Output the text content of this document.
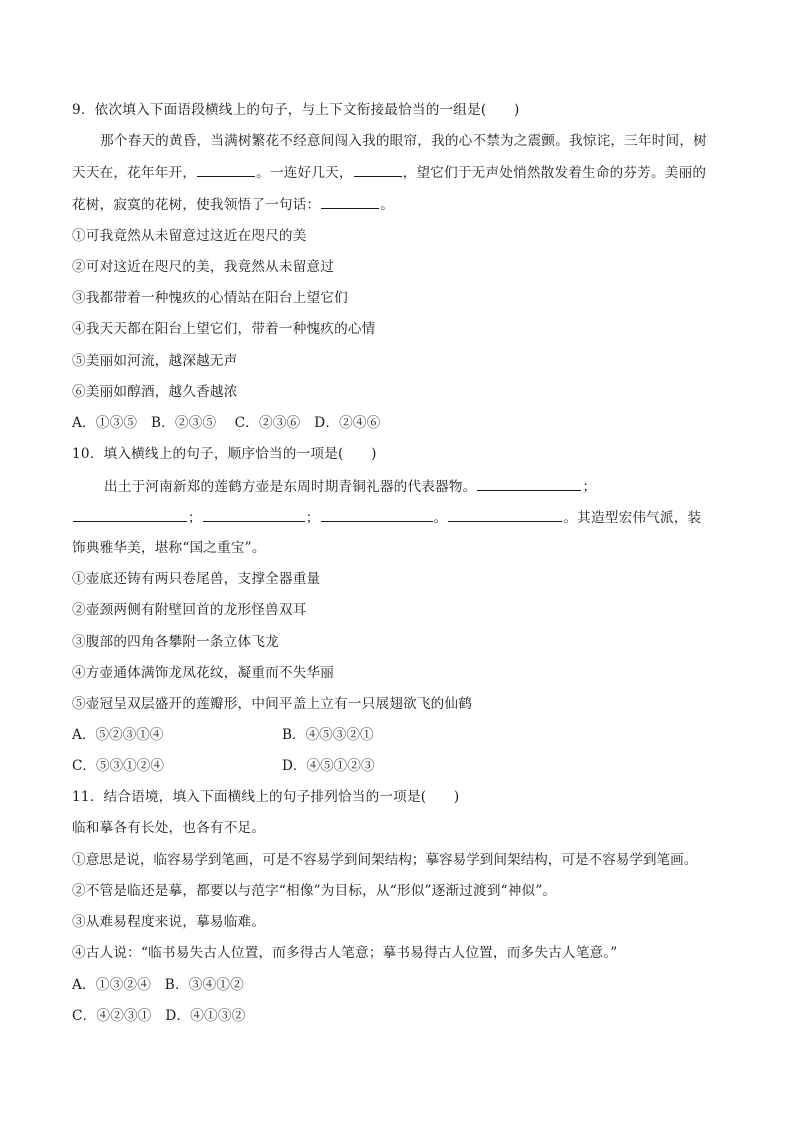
9．依次填入下面语段横线上的句子，与上下文衔接最恰当的一组是(　　)
那个春天的黄昏，当满树繁花不经意间闯入我的眼帘，我的心不禁为之震颤。我惊诧，三年时间，树
天天在，花年年开，	。一连好几天，	，望它们于无声处悄然散发着生命的芬芳。美丽的
花树，寂寞的花树，使我领悟了一句话：	。
①可我竟然从未留意过这近在咫尺的美
②可对这近在咫尺的美，我竟然从未留意过
③我都带着一种愧疚的心情站在阳台上望它们
④我天天都在阳台上望它们，带着一种愧疚的心情
⑤美丽如河流，越深越无声
⑥美丽如醇酒，越久香越浓
A．①③⑤　B．②③⑤　 C．②③⑥　D．②④⑥
10．填入横线上的句子，顺序恰当的一项是(　　)
出土于河南新郑的莲鹤方壶是东周时期青铜礼器的代表器物。	；
；	；	。	。其造型宏伟气派，装
饰典雅华美，堪称“国之重宝”。
①壶底还铸有两只卷尾兽，支撑全器重量
②壶颈两侧有附壁回首的龙形怪兽双耳
③腹部的四角各攀附一条立体飞龙
④方壶通体满饰龙凤花纹，凝重而不失华丽
⑤壶冠呈双层盛开的莲瓣形，中间平盖上立有一只展翅欲飞的仙鹤
A．⑤②③①④	B．④⑤③②①
C．⑤③①②④	D．④⑤①②③
11．结合语境，填入下面横线上的句子排列恰当的一项是(　　)
临和摹各有长处，也各有不足。
①意思是说，临容易学到笔画，可是不容易学到间架结构；摹容易学到间架结构，可是不容易学到笔画。
②不管是临还是摹，都要以与范字“相像”为目标，从“形似”逐渐过渡到“神似”。
③从难易程度来说，摹易临难。
④古人说：“临书易失古人位置，而多得古人笔意；摹书易得古人位置，而多失古人笔意。”
A．①③②④　B．③④①②
C．④②③①　D．④①③②
